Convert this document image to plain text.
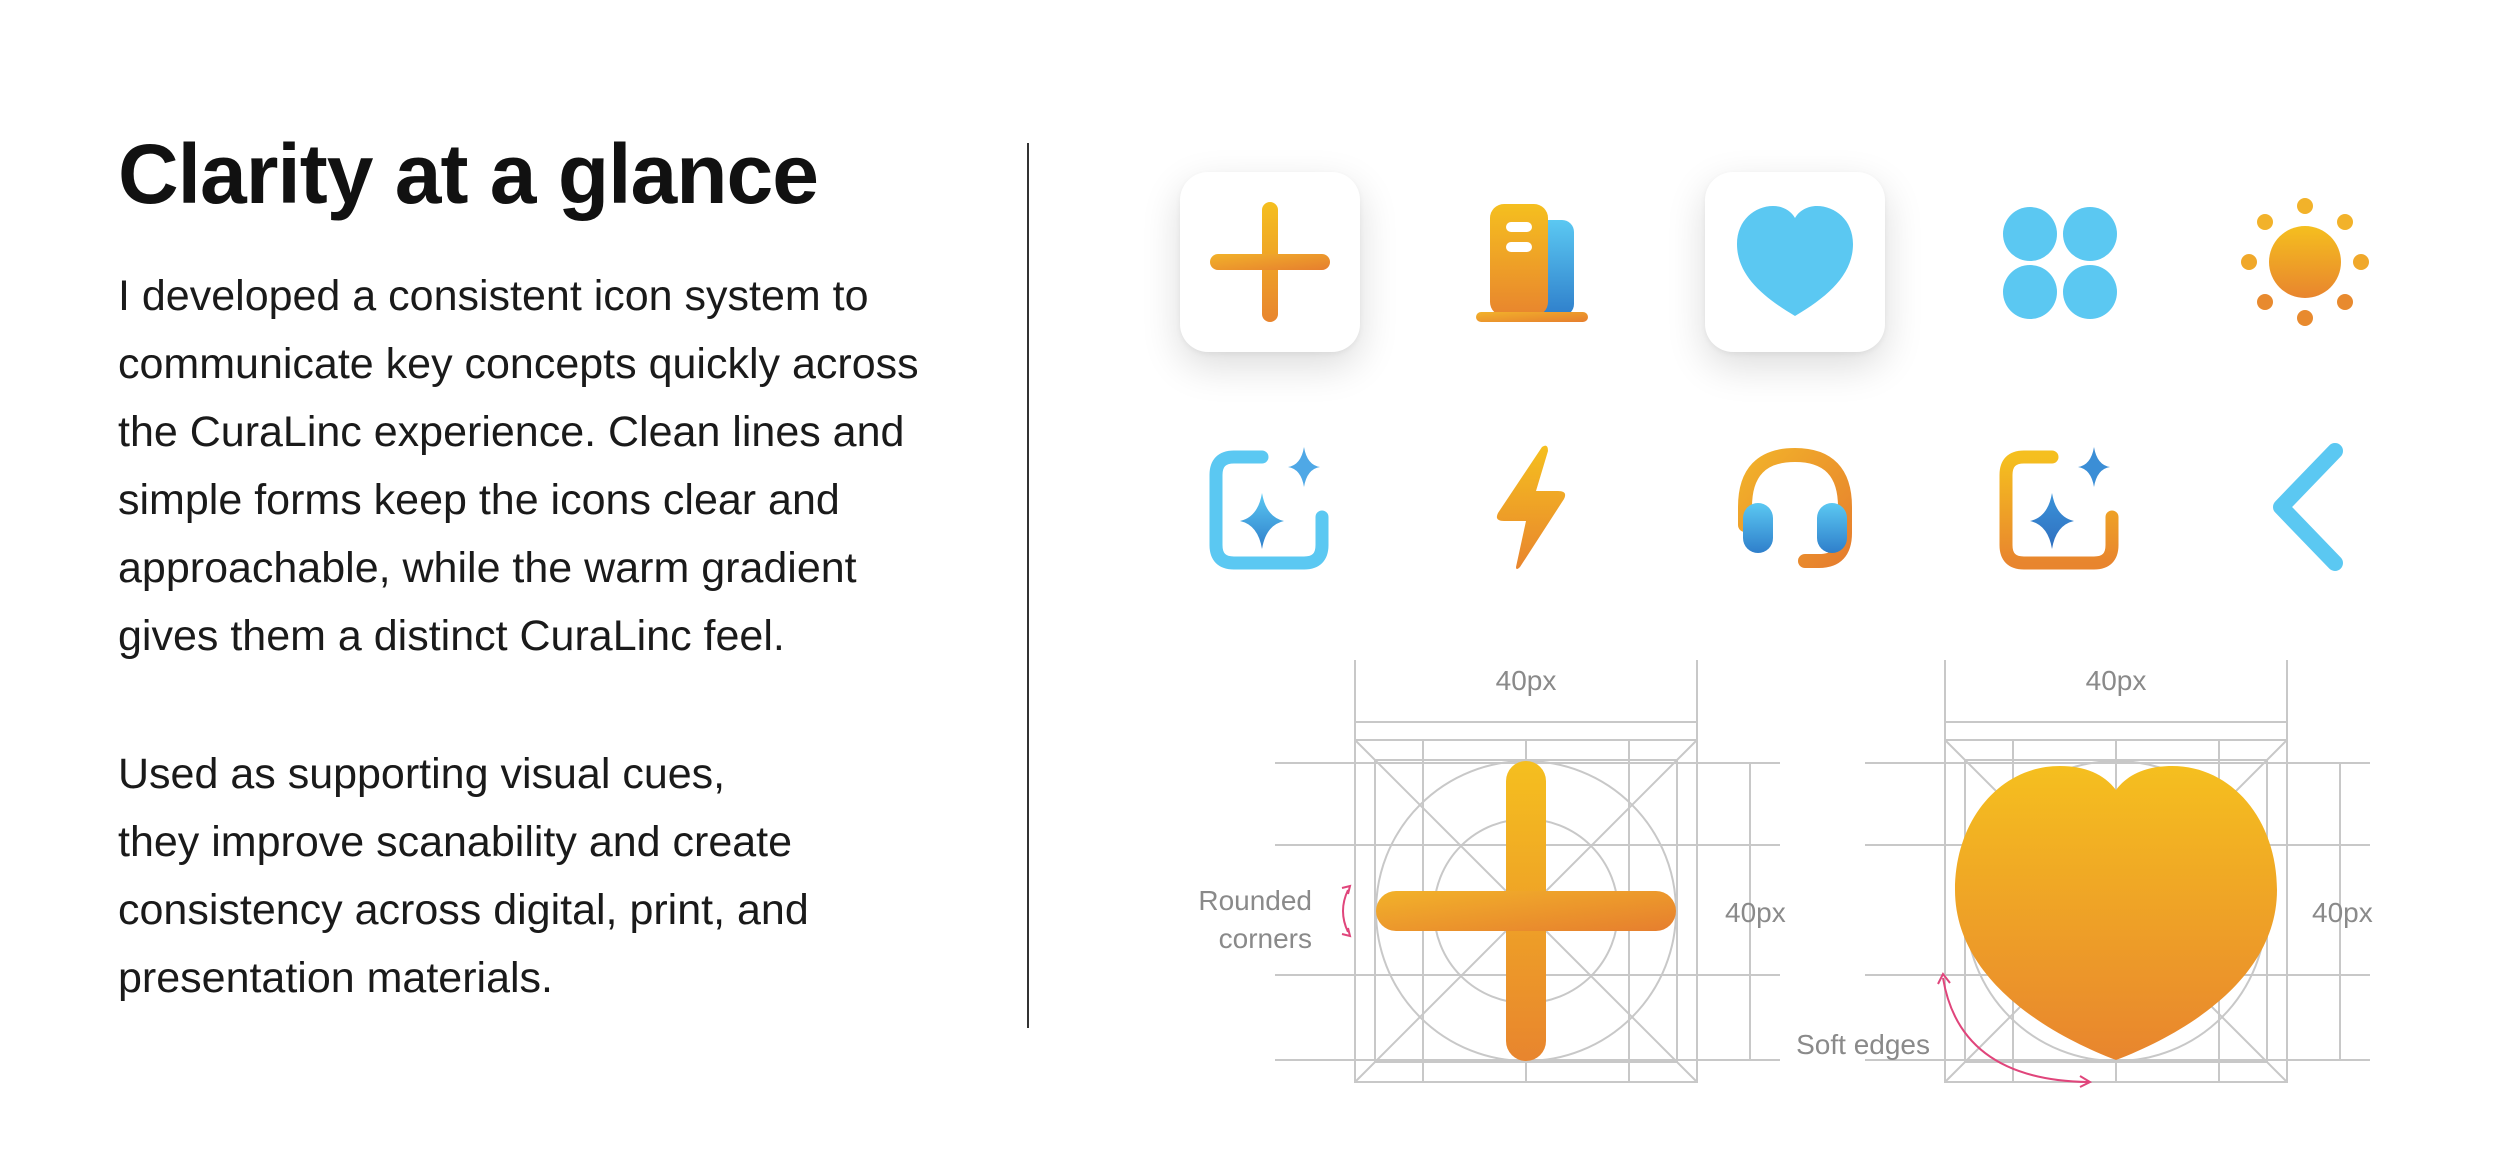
Clarity at a glance

I developed a consistent icon system to
communicate key concepts quickly across
the CuraLinc experience. Clean lines and
simple forms keep the icons clear and
approachable, while the warm gradient
gives them a distinct CuraLinc feel.

Used as supporting visual cues,
they improve scanability and create
consistency across digital, print, and
presentation materials.

40px
40px
40px
40px
Rounded
corners
Soft edges
